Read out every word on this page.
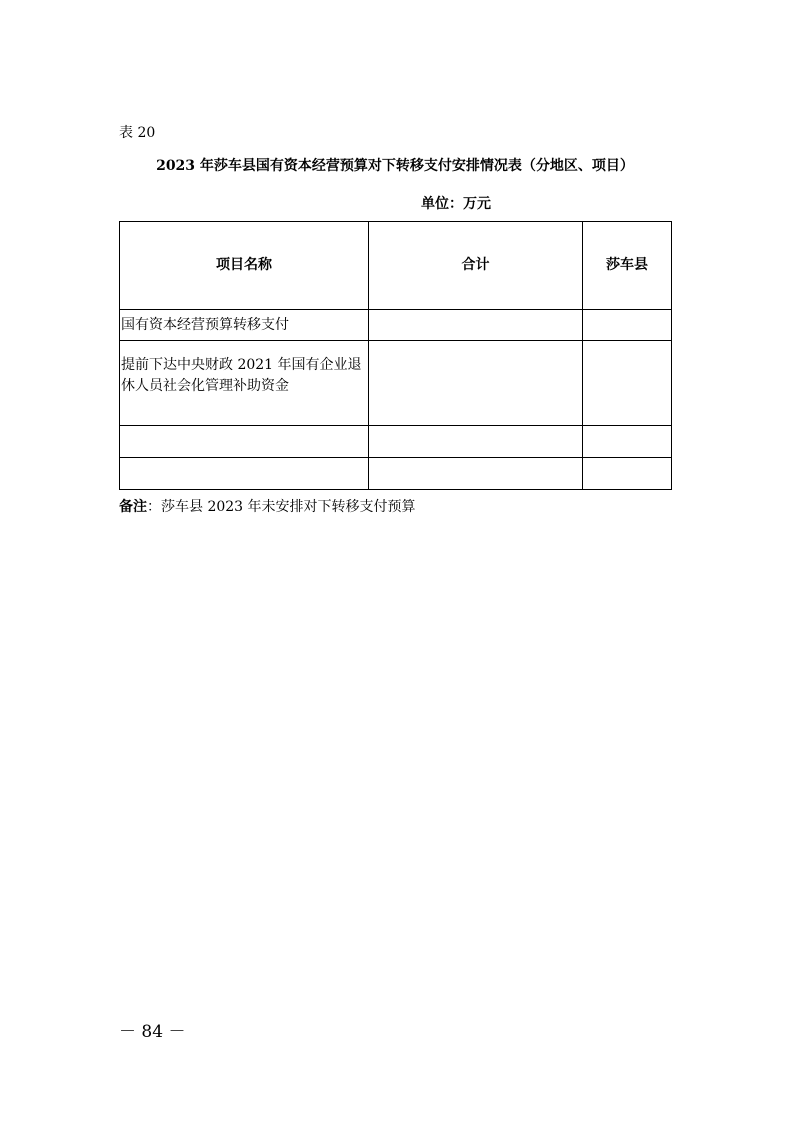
表 20
2023 年莎车县国有资本经营预算对下转移支付安排情况表（分地区、项目）
单位：万元
项目名称	合计	莎车县
国有资本经营预算转移支付		
提前下达中央财政 2021 年国有企业退休人员社会化管理补助资金		

备注：莎车县 2023 年未安排对下转移支付预算
－ 84 －
